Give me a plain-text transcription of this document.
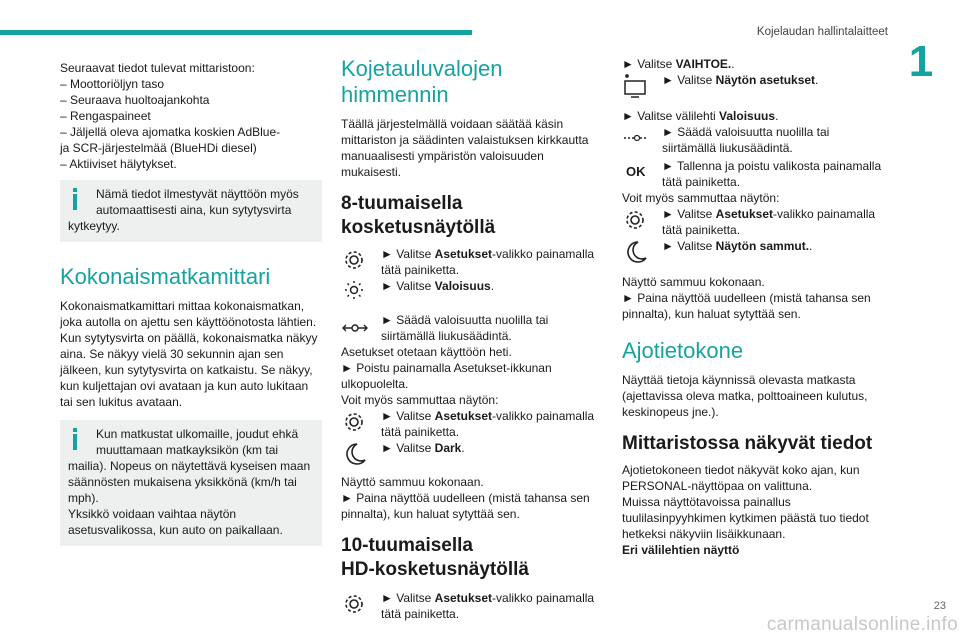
Kojelaudan hallintalaitteet
1
Seuraavat tiedot tulevat mittaristoon:
– Moottoriöljyn taso
– Seuraava huoltoajankohta
– Rengaspaineet
– Jäljellä oleva ajomatka koskien AdBlue-
ja SCR-järjestelmää (BlueHDi diesel)
– Aktiiviset hälytykset.
Nämä tiedot ilmestyvät näyttöön myös
automaattisesti aina, kun sytytysvirta
kytkeytyy.
Kokonaismatkamittari
Kokonaismatkamittari mittaa kokonaismatkan,
joka autolla on ajettu sen käyttöönotosta lähtien.
Kun sytytysvirta on päällä, kokonaismatka näkyy
aina. Se näkyy vielä 30 sekunnin ajan sen
jälkeen, kun sytytysvirta on katkaistu. Se näkyy,
kun kuljettajan ovi avataan ja kun auto lukitaan
tai sen lukitus avataan.
Kun matkustat ulkomaille, joudut ehkä
muuttamaan matkayksikön (km tai
mailia). Nopeus on näytettävä kyseisen maan
säännösten mukaisena yksikkönä (km/h tai
mph).
Yksikkö voidaan vaihtaa näytön
asetusvalikossa, kun auto on paikallaan.
Kojetauluvalojen
himmennin
Täällä järjestelmällä voidaan säätää käsin
mittariston ja säädinten valaistuksen kirkkautta
manuaalisesti ympäristön valoisuuden
mukaisesti.
8-tuumaisella
kosketusnäytöllä
► Valitse Asetukset-valikko painamalla
tätä painiketta.
► Valitse Valoisuus.
► Säädä valoisuutta nuolilla tai
siirtämällä liukusäädintä.
Asetukset otetaan käyttöön heti.
► Poistu painamalla Asetukset-ikkunan
ulkopuolelta.
Voit myös sammuttaa näytön:
► Valitse Asetukset-valikko painamalla
tätä painiketta.
► Valitse Dark.
Näyttö sammuu kokonaan.
► Paina näyttöä uudelleen (mistä tahansa sen
pinnalta), kun haluat sytyttää sen.
10-tuumaisella
HD-kosketusnäytöllä
► Valitse Asetukset-valikko painamalla
tätä painiketta.
► Valitse VAIHTOE..
► Valitse Näytön asetukset.
► Valitse välilehti Valoisuus.
► Säädä valoisuutta nuolilla tai
siirtämällä liukusäädintä.
OK	► Tallenna ja poistu valikosta painamalla
tätä painiketta.
Voit myös sammuttaa näytön:
► Valitse Asetukset-valikko painamalla
tätä painiketta.
► Valitse Näytön sammut..
Näyttö sammuu kokonaan.
► Paina näyttöä uudelleen (mistä tahansa sen
pinnalta), kun haluat sytyttää sen.
Ajotietokone
Näyttää tietoja käynnissä olevasta matkasta
(ajettavissa oleva matka, polttoaineen kulutus,
keskinopeus jne.).
Mittaristossa näkyvät tiedot
Ajotietokoneen tiedot näkyvät koko ajan, kun
PERSONAL-näyttöpaa on valittuna.
Muissa näyttötavoissa painallus
tuulilasinpyyhkimen kytkimen päästä tuo tiedot
hetkeksi näkyviin lisäikkunaan.
Eri välilehtien näyttö
carmanualsonline.info
23
